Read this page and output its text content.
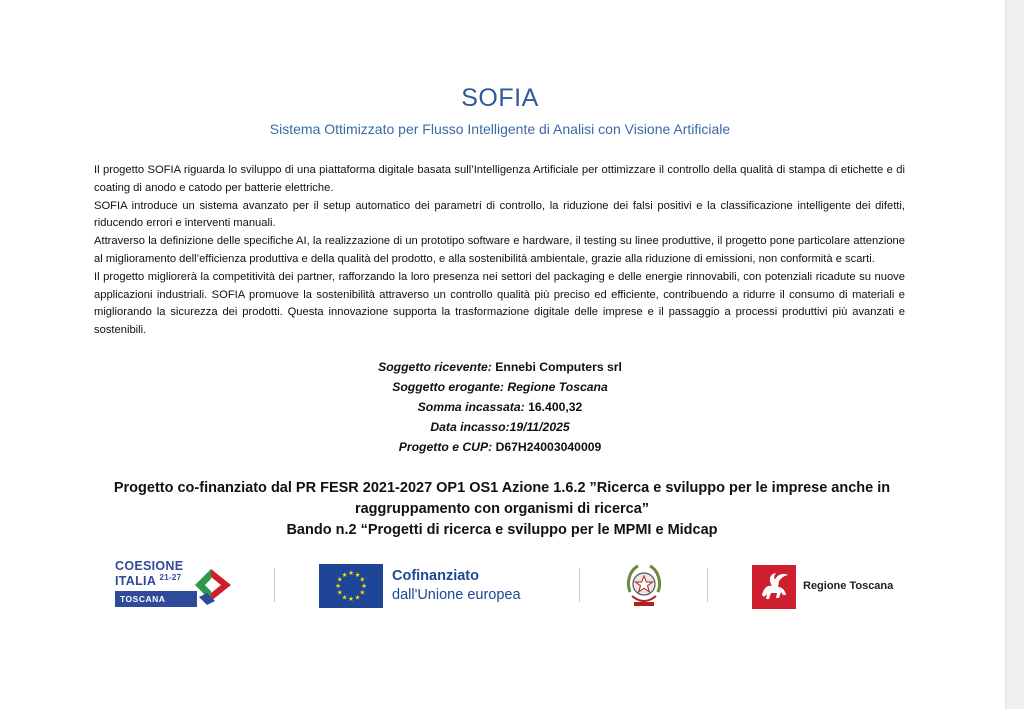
SOFIA
Sistema Ottimizzato per Flusso Intelligente di Analisi con Visione Artificiale

Il progetto SOFIA riguarda lo sviluppo di una piattaforma digitale basata sull’Intelligenza Artificiale per ottimizzare il controllo della qualità di stampa di etichette e di coating di anodo e catodo per batterie elettriche.

SOFIA introduce un sistema avanzato per il setup automatico dei parametri di controllo, la riduzione dei falsi positivi e la classificazione intelligente dei difetti, riducendo errori e interventi manuali.

Attraverso la definizione delle specifiche AI, la realizzazione di un prototipo software e hardware, il testing su linee produttive, il progetto pone particolare attenzione al miglioramento dell’efficienza produttiva e della qualità del prodotto, e alla sostenibilità ambientale, grazie alla riduzione di emissioni, non conformità e scarti.

Il progetto migliorerà la competitività dei partner, rafforzando la loro presenza nei settori del packaging e delle energie rinnovabili, con potenziali ricadute su nuove applicazioni industriali. SOFIA promuove la sostenibilità attraverso un controllo qualità più preciso ed efficiente, contribuendo a ridurre il consumo di materiali e migliorando la sicurezza dei prodotti. Questa innovazione supporta la trasformazione digitale delle imprese e il passaggio a processi produttivi più avanzati e sostenibili.

Soggetto ricevente: Ennebi Computers srl
Soggetto erogante: Regione Toscana
Somma incassata: 16.400,32
Data incasso:19/11/2025
Progetto e CUP: D67H24003040009
Progetto co-finanziato dal PR FESR 2021-2027 OP1 OS1 Azione 1.6.2 ”Ricerca e sviluppo per le imprese anche in raggruppamento con organismi di ricerca”
Bando n.2 “Progetti di ricerca e sviluppo per le MPMI e Midcap
COESIONE
ITALIA $^{21-27}$
TOSCANA
★ ★
★
★
★
★
★
★
★
★
★
★	Cofinanziato
dall'Unione europea
Regione Toscana
